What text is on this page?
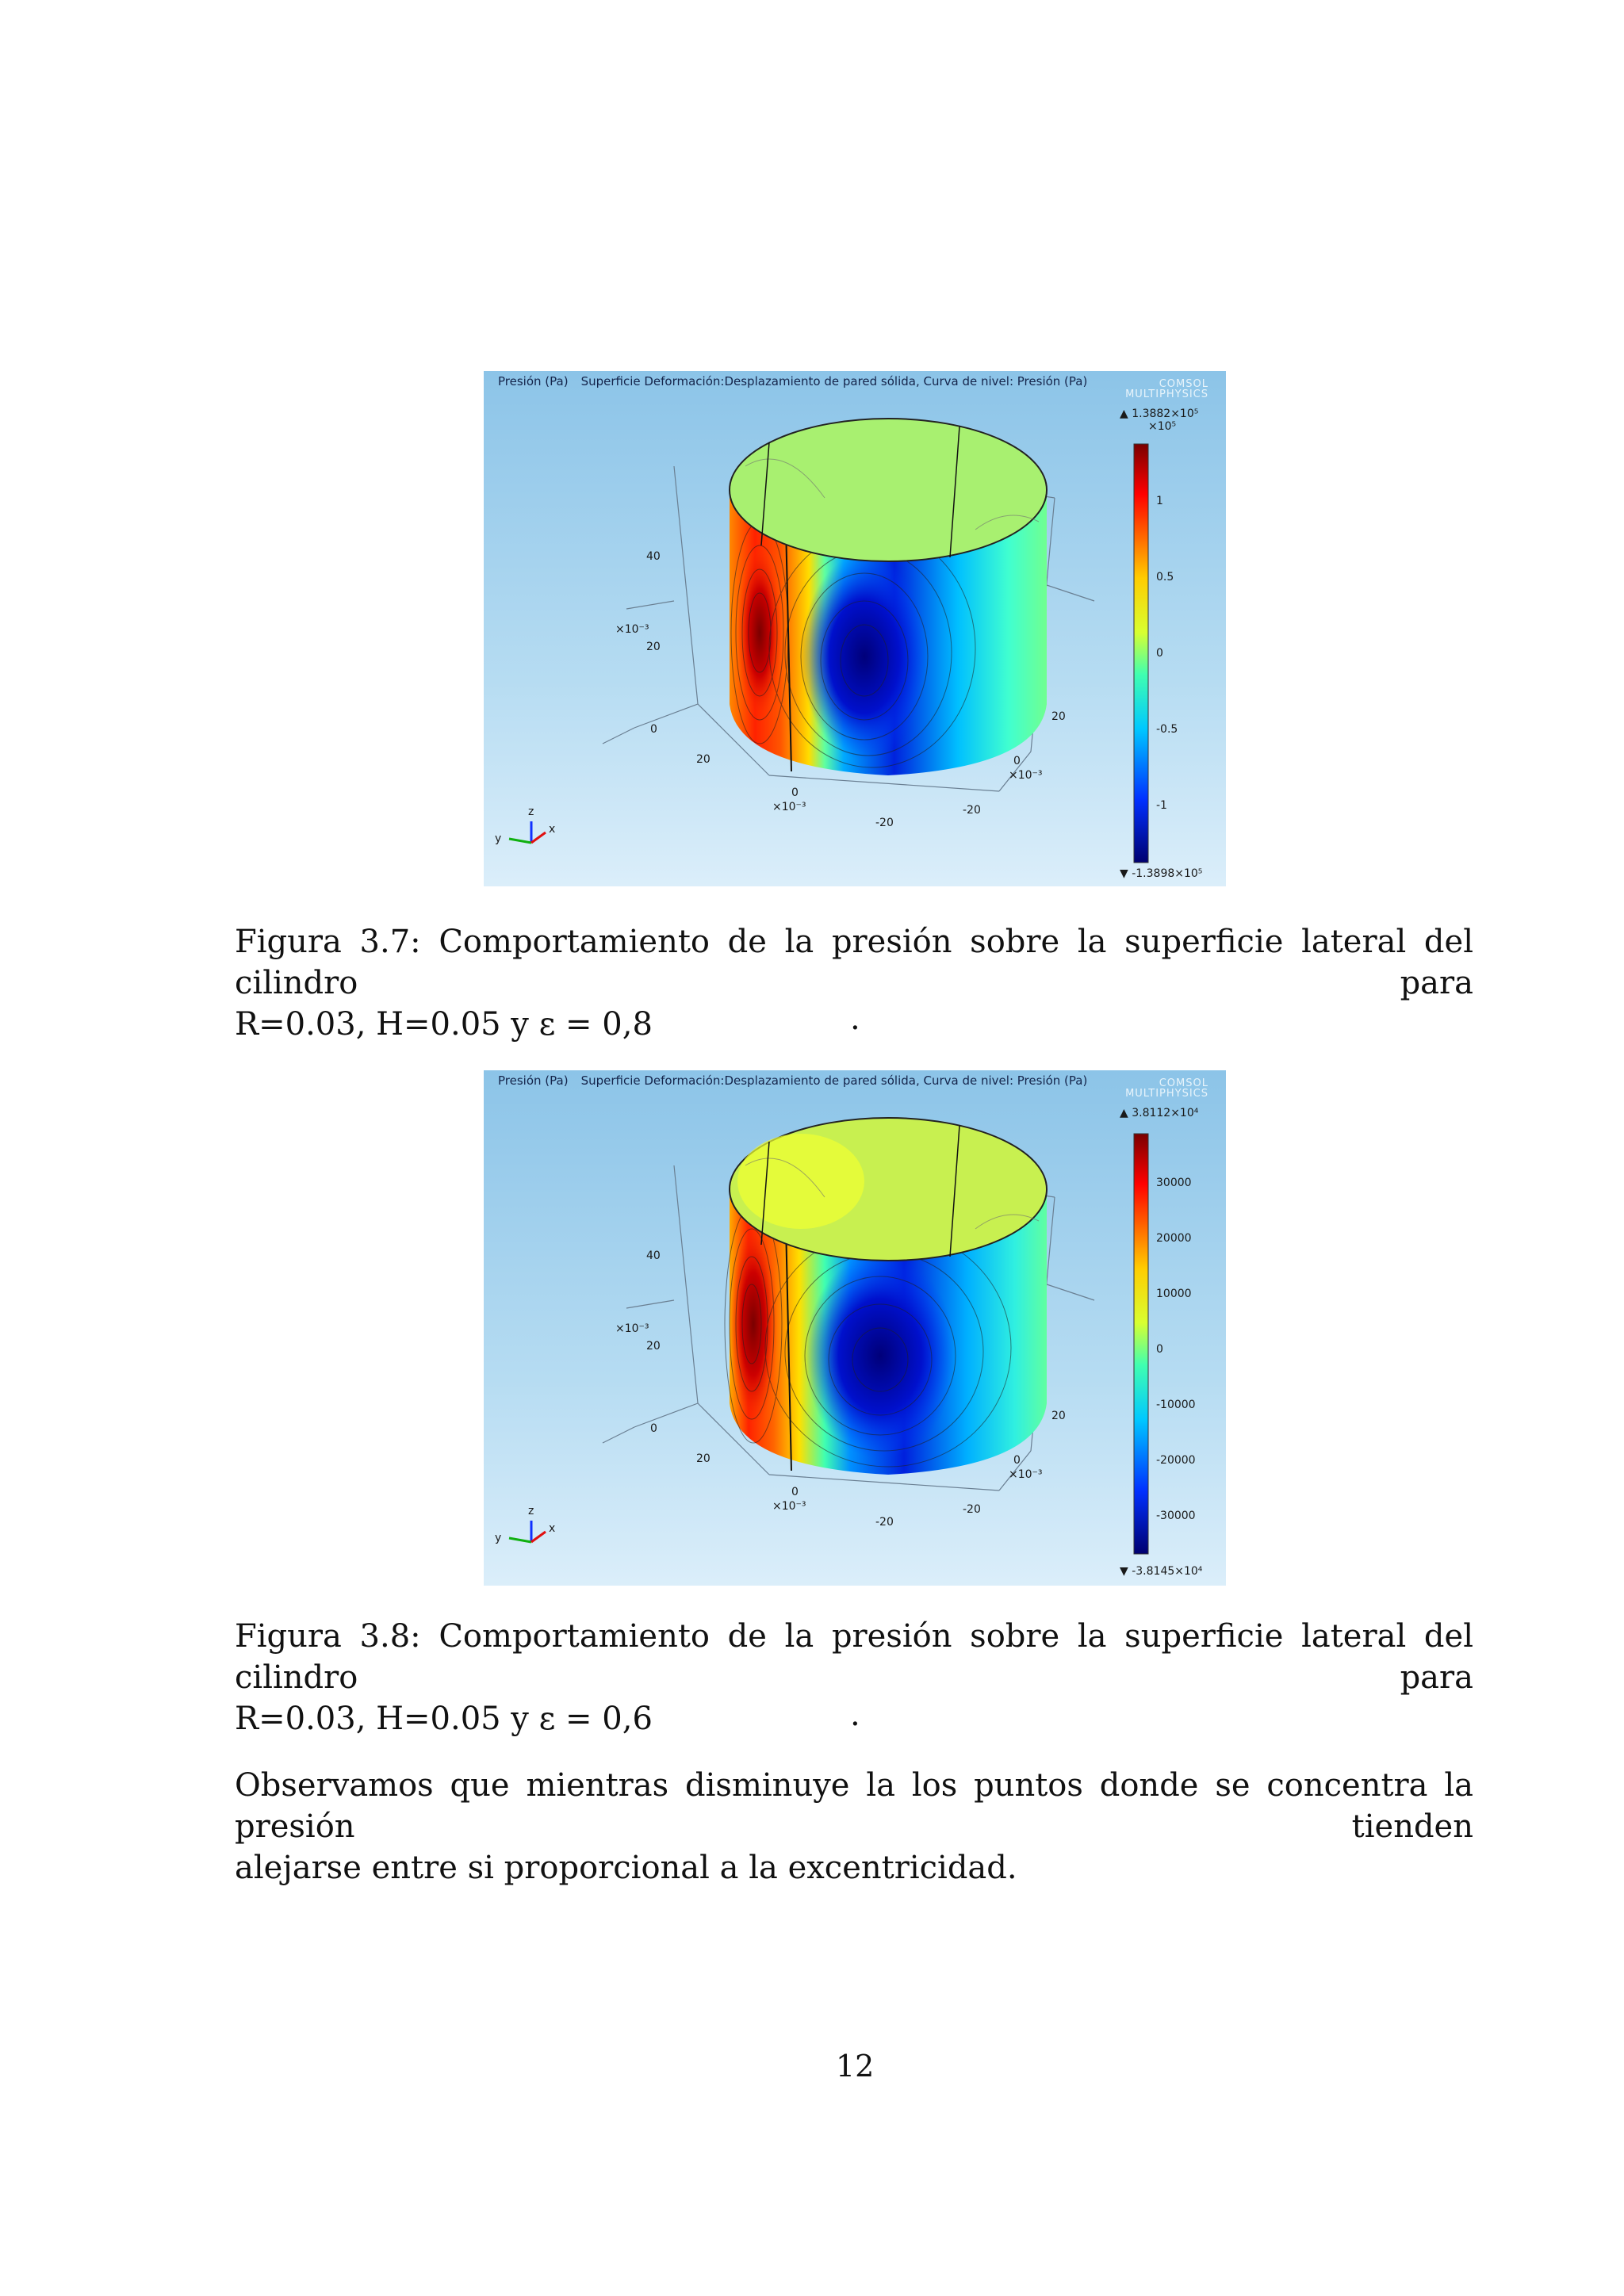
Presión (Pa) Superficie Deformación:Desplazamiento de pared sólida, Curva de nivel: Presión (Pa)	COMSOL
MULTIPHYSICS
40
×10⁻³
20
0
20
0
×10⁻³
-20
20
0
×10⁻³
-20
z
y
x
▲ 1.3882×10⁵
×10⁵
1
0.5
0
-0.5
-1
▼ -1.3898×10⁵
Figura 3.7: Comportamiento de la presión sobre la superficie lateral del cilindro para
R=0.03, H=0.05 y ε = 0,8	.
Presión (Pa) Superficie Deformación:Desplazamiento de pared sólida, Curva de nivel: Presión (Pa)	COMSOL
MULTIPHYSICS
40
×10⁻³
20
0
20
0
×10⁻³
-20
20
0
×10⁻³
-20
z
y
x
▲ 3.8112×10⁴
30000
20000
10000
0
-10000
-20000
-30000
▼ -3.8145×10⁴
Figura 3.8: Comportamiento de la presión sobre la superficie lateral del cilindro para
R=0.03, H=0.05 y ε = 0,6	.
Observamos que mientras disminuye la los puntos donde se concentra la presión tienden
alejarse entre si proporcional a la excentricidad.
12
